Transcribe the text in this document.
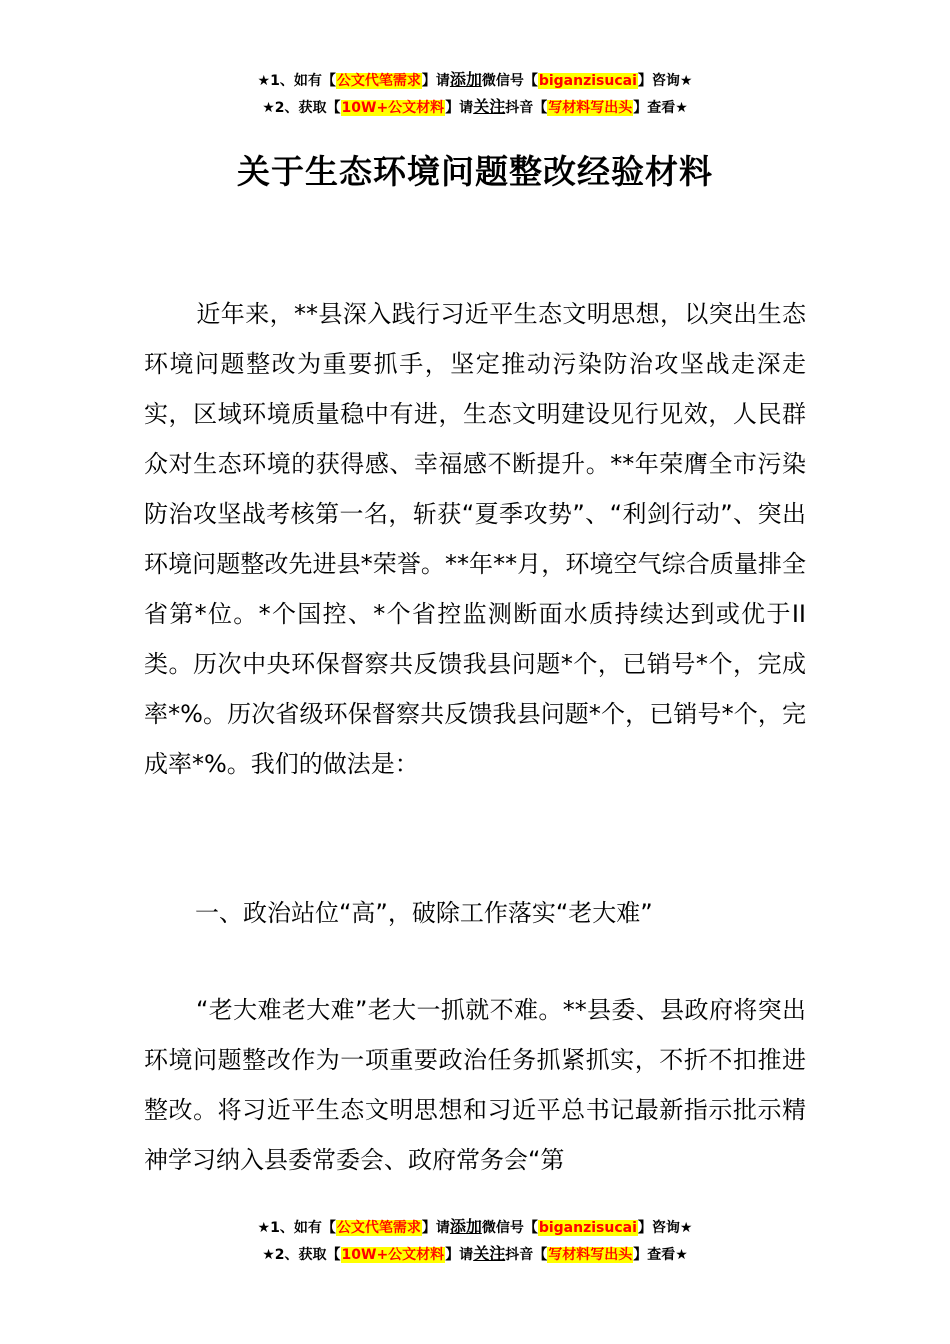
★1、如有【公文代笔需求】请添加微信号【biganzisucai】咨询★
★2、获取【10W+公文材料】请关注抖音【写材料写出头】查看★
关于生态环境问题整改经验材料
近年来，**县深入践行习近平生态文明思想，以突出生态环境问题整改为重要抓手，坚定推动污染防治攻坚战走深走实，区域环境质量稳中有进，生态文明建设见行见效，人民群众对生态环境的获得感、幸福感不断提升。**年荣膺全市污染防治攻坚战考核第一名，斩获“夏季攻势”、“利剑行动”、突出环境问题整改先进县*荣誉。**年**月，环境空气综合质量排全省第*位。*个国控、*个省控监测断面水质持续达到或优于II类。历次中央环保督察共反馈我县问题*个，已销号*个，完成率*%。历次省级环保督察共反馈我县问题*个，已销号*个，完成率*%。我们的做法是：
一、政治站位“高”，破除工作落实“老大难”
“老大难老大难”老大一抓就不难。**县委、县政府将突出环境问题整改作为一项重要政治任务抓紧抓实，不折不扣推进整改。将习近平生态文明思想和习近平总书记最新指示批示精神学习纳入县委常委会、政府常务会“第
★1、如有【公文代笔需求】请添加微信号【biganzisucai】咨询★
★2、获取【10W+公文材料】请关注抖音【写材料写出头】查看★
